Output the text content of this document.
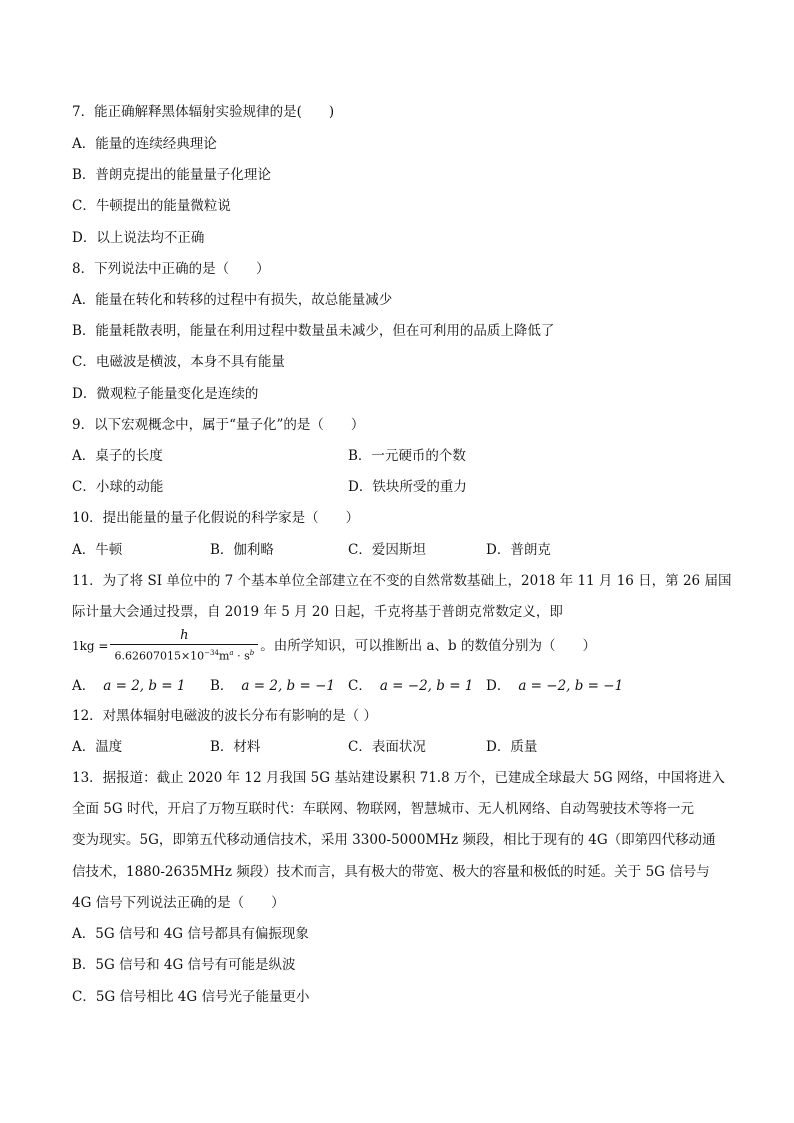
7．能正确解释黑体辐射实验规律的是(　　)
A．能量的连续经典理论
B．普朗克提出的能量量子化理论
C．牛顿提出的能量微粒说
D．以上说法均不正确
8．下列说法中正确的是（　　）
A．能量在转化和转移的过程中有损失，故总能量减少
B．能量耗散表明，能量在利用过程中数量虽未减少，但在可利用的品质上降低了
C．电磁波是横波，本身不具有能量
D．微观粒子能量变化是连续的
9．以下宏观概念中，属于“量子化”的是（　　）
A．桌子的长度	B．一元硬币的个数
C．小球的动能	D．铁块所受的重力
10．提出能量的量子化假说的科学家是（　　）
A．牛顿	B．伽利略	C．爱因斯坦	D．普朗克
11．为了将 SI 单位中的 7 个基本单位全部建立在不变的自然常数基础上，2018 年 11 月 16 日，第 26 届国
际计量大会通过投票，自 2019 年 5 月 20 日起，千克将基于普朗克常数定义，即
$1kg = \frac{h}{6.62607015\times 10^{-34}m^a \cdot s^b}$ 。由所学知识，可以推断出 a、b 的数值分别为（　　）
A． a = 2, b = 1 B． a = 2, b = −1 C． a = −2, b = 1 D． a = −2, b = −1
12．对黑体辐射电磁波的波长分布有影响的是（ ）
A．温度	B．材料	C．表面状况	D．质量
13．据报道：截止 2020 年 12 月我国 5G 基站建设累积 71.8 万个，已建成全球最大 5G 网络，中国将进入
全面 5G 时代，开启了万物互联时代：车联网、物联网，智慧城市、无人机网络、自动驾驶技术等将一元
变为现实。5G，即第五代移动通信技术，采用 3300-5000MHz 频段，相比于现有的 4G（即第四代移动通
信技术，1880-2635MHz 频段）技术而言，具有极大的带宽、极大的容量和极低的时延。关于 5G 信号与
4G 信号下列说法正确的是（　　）
A．5G 信号和 4G 信号都具有偏振现象
B．5G 信号和 4G 信号有可能是纵波
C．5G 信号相比 4G 信号光子能量更小
